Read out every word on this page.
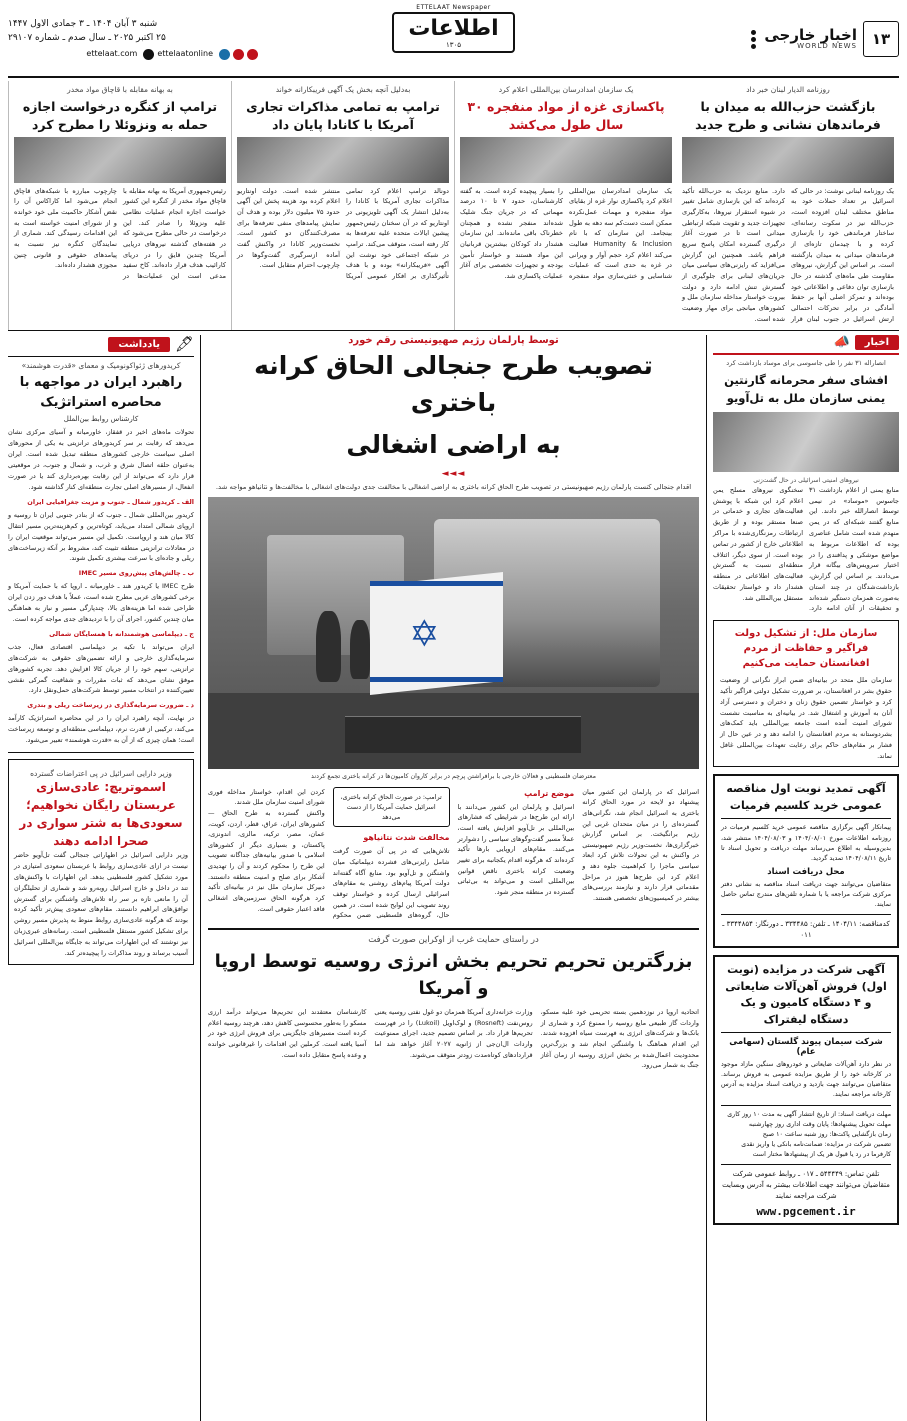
۱۳
اخبار خارجی
WORLD NEWS
ETTELAAT Newspaper
اطلاعات
۱۳۰۵
شنبه ۳ آبان ۱۴۰۴ ـ ۳ جمادی الاول ۱۴۴۷
۲۵ اکتبر ۲۰۲۵ ـ سال صدم ـ شماره ۲۹۱۰۷
ettelaatonline
ettelaat.com
روزنامه الدیار لبنان خبر داد
بازگشت حزب‌الله به میدان با فرماندهان نشانی و طرح جدید
یک روزنامه لبنانی نوشت: در حالی که اسرائیل بر تعداد حملات خود به مناطق مختلف لبنان افزوده است، حزب‌الله نیز در سکوت رسانه‌ای، ساختار فرماندهی خود را بازسازی کرده و با چیدمان تازه‌ای از فرماندهان میدانی به میدان بازگشته است. بر اساس این گزارش، نیروهای مقاومت طی ماه‌های گذشته در حال بازسازی توان دفاعی و اطلاعاتی خود بوده‌اند و تمرکز اصلی آنها بر حفظ آمادگی در برابر تحرکات احتمالی ارتش اسرائیل در جنوب لبنان قرار دارد. منابع نزدیک به حزب‌الله تأکید کرده‌اند که این بازسازی شامل تغییر در شیوه استقرار نیروها، به‌کارگیری تجهیزات جدید و تقویت شبکه ارتباطی میدانی است تا در صورت آغاز درگیری گسترده امکان پاسخ سریع فراهم باشد. همچنین این گزارش می‌افزاید که رایزنی‌های سیاسی میان جریان‌های لبنانی برای جلوگیری از گسترش تنش ادامه دارد و دولت بیروت خواستار مداخله سازمان ملل و کشورهای میانجی برای مهار وضعیت شده است.
یک سازمان امدادرسان بین‌المللی اعلام کرد
پاکسازی غزه از مواد منفجره ۳۰ سال طول می‌کشد
یک سازمان امدادرسان بین‌المللی اعلام کرد پاکسازی نوار غزه از بقایای مواد منفجره و مهمات عمل‌نکرده ممکن است دست‌کم سه دهه به طول بینجامد. این سازمان که با نام Humanity & Inclusion فعالیت می‌کند اعلام کرد حجم آوار و ویرانی در غزه به حدی است که عملیات شناسایی و خنثی‌سازی مواد منفجره را بسیار پیچیده کرده است. به گفته کارشناسان، حدود ۷ تا ۱۰ درصد مهماتی که در جریان جنگ شلیک شده‌اند منفجر نشده و همچنان خطرناک باقی مانده‌اند. این سازمان هشدار داد کودکان بیشترین قربانیان این مواد هستند و خواستار تأمین بودجه و تجهیزات تخصصی برای آغاز عملیات پاکسازی شد.
به‌دلیل آنچه بخش یک آگهی فریبکارانه خواند
ترامپ به تمامی مذاکرات تجاری آمریکا با کانادا پایان داد
دونالد ترامپ اعلام کرد تمامی مذاکرات تجاری آمریکا با کانادا را به‌دلیل انتشار یک آگهی تلویزیونی در اونتاریو که در آن سخنان رئیس‌جمهور پیشین ایالات متحده علیه تعرفه‌ها به کار رفته است، متوقف می‌کند. ترامپ در شبکه اجتماعی خود نوشت این آگهی «فریبکارانه» بوده و با هدف تأثیرگذاری بر افکار عمومی آمریکا منتشر شده است. دولت اونتاریو اعلام کرده بود هزینه پخش این آگهی حدود ۷۵ میلیون دلار بوده و هدف آن نمایش پیامدهای منفی تعرفه‌ها برای مصرف‌کنندگان دو کشور است. نخست‌وزیر کانادا در واکنش گفت آماده ازسرگیری گفت‌وگوها در چارچوب احترام متقابل است.
به بهانه مقابله با قاچاق مواد مخدر
ترامپ از کنگره درخواست اجازه حمله به ونزوئلا را مطرح کرد
رئیس‌جمهوری آمریکا به بهانه مقابله با قاچاق مواد مخدر از کنگره این کشور خواست اجازه انجام عملیات نظامی علیه ونزوئلا را صادر کند. این درخواست در حالی مطرح می‌شود که در هفته‌های گذشته نیروهای دریایی آمریکا چندین قایق را در دریای کارائیب هدف قرار داده‌اند. کاخ سفید مدعی است این عملیات‌ها در چارچوب مبارزه با شبکه‌های قاچاق انجام می‌شود اما کاراکاس آن را نقض آشکار حاکمیت ملی خود خوانده و از شورای امنیت خواسته است به این اقدامات رسیدگی کند. شماری از نمایندگان کنگره نیز نسبت به پیامدهای حقوقی و قانونی چنین مجوزی هشدار داده‌اند.
اخبار
📣
انصاراله ۳۱ نفر را طی جاسوسی برای موساد بازداشت کرد
افشای سفر محرمانه گارنتین یمنی سازمان ملل به تل‌آویو
نیروهای امنیتی اسرائیلی در حال گشت‌زنی
منابع یمنی از اعلام بازداشت ۳۱ جاسوس «موساد» در نیمی توسط انصارالله خبر دادند. این منابع گفتند شبکه‌ای که در یمن منهدم شده است شامل عناصری بوده که اطلاعات مربوط به مواضع موشکی و پدافندی را در اختیار سرویس‌های بیگانه قرار می‌دادند. بر اساس این گزارش، بازداشت‌شدگان در چند استان به‌صورت همزمان دستگیر شده‌اند و تحقیقات از آنان ادامه دارد. سخنگوی نیروهای مسلح یمن اعلام کرد این شبکه با پوشش فعالیت‌های تجاری و خدماتی در صنعا مستقر بوده و از طریق ارتباطات رمزنگاری‌شده با مراکز اطلاعاتی خارج از کشور در تماس بوده است. از سوی دیگر، ائتلاف منطقه‌ای نسبت به گسترش فعالیت‌های اطلاعاتی در منطقه هشدار داد و خواستار تحقیقات مستقل بین‌المللی شد.
سازمان ملل: از تشکیل دولت فراگیر و حفاظت از مردم افغانستان حمایت می‌کنیم
سازمان ملل متحد در بیانیه‌ای ضمن ابراز نگرانی از وضعیت حقوق بشر در افغانستان، بر ضرورت تشکیل دولتی فراگیر تأکید کرد و خواستار تضمین حقوق زنان و دختران و دسترسی آزاد آنان به آموزش و اشتغال شد. در بیانیه‌ای به مناسبت نشست شورای امنیت آمده است جامعه بین‌المللی باید کمک‌های بشردوستانه به مردم افغانستان را ادامه دهد و در عین حال از فشار بر مقام‌های حاکم برای رعایت تعهدات بین‌المللی غافل نماند.
آگهی تمدید نوبت اول مناقصه عمومی خرید کلسیم فرمیات
پیمانکار آگهی برگزاری مناقصه عمومی خرید کلسیم فرمیات در روزنامه اطلاعات مورخ ۱۴۰۴/۰۸/۰۱ و ۱۴۰۴/۰۸/۰۳ منتشر شد، بدین‌وسیله به اطلاع می‌رساند مهلت دریافت و تحویل اسناد تا تاریخ ۱۴۰۴/۰۸/۱۱ تمدید گردید.
محل دریافت اسناد
متقاضیان می‌توانند جهت دریافت اسناد مناقصه به نشانی دفتر مرکزی شرکت مراجعه یا با شماره تلفن‌های مندرج تماس حاصل نمایند.
کدمناقصه: ۱۴۰۴/۱۱ ـ تلفن: ۳۳۴۴۸۵ ـ دورنگار: ۳۳۴۴۸۵۴ ـ ۰۱۱
آگهی شرکت در مزایده (نوبت اول) فروش آهن‌آلات ضایعاتی و ۴ دستگاه کامیون و یک دستگاه لیفتراک
شرکت سیمان پیوند گلستان (سهامی عام)
در نظر دارد آهن‌آلات ضایعاتی و خودروهای سنگین مازاد موجود در کارخانه خود را از طریق مزایده عمومی به فروش برساند. متقاضیان می‌توانند جهت بازدید و دریافت اسناد مزایده به آدرس کارخانه مراجعه نمایند.
مهلت دریافت اسناد: از تاریخ انتشار آگهی به مدت ۱۰ روز کاری
مهلت تحویل پیشنهادها: پایان وقت اداری روز چهارشنبه
زمان بازگشایی پاکت‌ها: روز شنبه ساعت ۱۰ صبح
تضمین شرکت در مزایده: ضمانت‌نامه بانکی یا واریز نقدی
کارفرما در رد یا قبول هر یک از پیشنهادها مختار است
تلفن تماس: ۵۴۴۴۴۹ ـ ۰۱۷ ـ روابط عمومی شرکت
متقاضیان می‌توانند جهت اطلاعات بیشتر به آدرس وبسایت شرکت مراجعه نمایند
www.pgcement.ir
توسط پارلمان رژیم صهیونیستی رقم خورد
تصویب طرح جنجالی الحاق کرانه باختری
به اراضی اشغالی
◄◄◄
اقدام جنجالی کنست پارلمان رژیم صهیونیستی در تصویب طرح الحاق کرانه باختری به اراضی اشغالی با مخالفت جدی دولت‌های اشغالی با مخالفت‌ها و نتانیاهو مواجه شد.
✡
معترضان فلسطینی و فعالان خارجی با برافراشتن پرچم در برابر کاروان کامیون‌ها در کرانه باختری تجمع کردند
اسرائیل که در پارلمان این کشور میان پیشنهاد دو لایحه در مورد الحاق کرانه باختری به اسرائیل انجام شد، نگرانی‌های گسترده‌ای را در میان متحدان غربی این رژیم برانگیخت. بر اساس گزارش خبرگزاری‌ها، نخست‌وزیر رژیم صهیونیستی در واکنش به این تحولات تلاش کرد ابعاد سیاسی ماجرا را کم‌اهمیت جلوه دهد و اعلام کرد این طرح‌ها هنوز در مراحل مقدماتی قرار دارند و نیازمند بررسی‌های بیشتر در کمیسیون‌های تخصصی هستند.
موضع ترامپ
اسرائیل و پارلمان این کشور می‌دانند با ارائه این طرح‌ها در شرایطی که فشارهای بین‌المللی بر تل‌آویو افزایش یافته است، عملاً مسیر گفت‌وگوهای سیاسی را دشوارتر می‌کنند. مقام‌های اروپایی بارها تأکید کرده‌اند که هرگونه اقدام یکجانبه برای تغییر وضعیت کرانه باختری ناقض قوانین بین‌المللی است و می‌تواند به بی‌ثباتی گسترده در منطقه منجر شود.
ترامپ: در صورت الحاق کرانه باختری، اسرائیل حمایت آمریکا را از دست می‌دهد
مخالفت شدت نتانیاهو
تلاش‌هایی که در پی آن صورت گرفت شامل رایزنی‌های فشرده دیپلماتیک میان واشنگتن و تل‌آویو بود. منابع آگاه گفته‌اند دولت آمریکا پیام‌های روشنی به مقام‌های اسرائیلی ارسال کرده و خواستار توقف روند تصویب این لوایح شده است. در همین حال، گروه‌های فلسطینی ضمن محکوم کردن این اقدام، خواستار مداخله فوری شورای امنیت سازمان ملل شدند.
واکنش گسترده به طرح الحاق — کشورهای ایران، عراق، قطر، اردن، کویت، عمان، مصر، ترکیه، مالزی، اندونزی، پاکستان، و بسیاری دیگر از کشورهای اسلامی با صدور بیانیه‌های جداگانه تصویب این طرح را محکوم کردند و آن را تهدیدی آشکار برای صلح و امنیت منطقه دانستند. دبیرکل سازمان ملل نیز در بیانیه‌ای تأکید کرد هرگونه الحاق سرزمین‌های اشغالی فاقد اعتبار حقوقی است.
در راستای حمایت غرب از اوکراین صورت گرفت
بزرگترین تحریم تحریم بخش انرژی روسیه توسط اروپا و آمریکا
اتحادیه اروپا در نوزدهمین بسته تحریمی خود علیه مسکو، واردات گاز طبیعی مایع روسیه را ممنوع کرد و شماری از بانک‌ها و شرکت‌های انرژی به فهرست سیاه افزوده شدند. این اقدام هماهنگ با واشنگتن انجام شد و بزرگ‌ترین محدودیت اعمال‌شده بر بخش انرژی روسیه از زمان آغاز جنگ به شمار می‌رود.
وزارت خزانه‌داری آمریکا همزمان دو غول نفتی روسیه یعنی روس‌نفت (Rosneft) و لوک‌اویل (Lukoil) را در فهرست تحریم‌ها قرار داد. بر اساس تصمیم جدید، اجرای ممنوعیت واردات ال‌ان‌جی از ژانویه ۲۰۲۷ آغاز خواهد شد اما قراردادهای کوتاه‌مدت زودتر متوقف می‌شوند.
کارشناسان معتقدند این تحریم‌ها می‌تواند درآمد ارزی مسکو را به‌طور محسوسی کاهش دهد، هرچند روسیه اعلام کرده است مسیرهای جایگزینی برای فروش انرژی خود در آسیا یافته است. کرملین این اقدامات را غیرقانونی خوانده و وعده پاسخ متقابل داده است.
🖋
یادداشت
کریدورهای ژئواکونومیک و معمای «قدرت هوشمند»
راهبرد ایران در مواجهه با محاصره استراتژیک
کارشناس روابط بین‌الملل
تحولات ماه‌های اخیر در قفقاز، خاورمیانه و آسیای مرکزی نشان می‌دهد که رقابت بر سر کریدورهای ترانزیتی به یکی از محورهای اصلی سیاست خارجی کشورهای منطقه تبدیل شده است. ایران به‌عنوان حلقه اتصال شرق و غرب، و شمال و جنوب، در موقعیتی قرار دارد که می‌تواند از این رقابت بهره‌برداری کند یا در صورت انفعال، از مسیرهای اصلی تجارت منطقه‌ای کنار گذاشته شود.
الف ـ کریدور شمال ـ جنوب و مزیت جغرافیایی ایران
کریدور بین‌المللی شمال ـ جنوب که از بنادر جنوبی ایران تا روسیه و اروپای شمالی امتداد می‌یابد، کوتاه‌ترین و کم‌هزینه‌ترین مسیر انتقال کالا میان هند و اروپاست. تکمیل این مسیر می‌تواند موقعیت ایران را در معادلات ترانزیتی منطقه تثبیت کند، مشروط بر آنکه زیرساخت‌های ریلی و جاده‌ای با سرعت بیشتری تکمیل شوند.
ب ـ چالش‌های پیش‌روی مسیر IMEC
طرح IMEC یا کریدور هند ـ خاورمیانه ـ اروپا که با حمایت آمریکا و برخی کشورهای عربی مطرح شده است، عملاً با هدف دور زدن ایران طراحی شده اما هزینه‌های بالا، چندپارگی مسیر و نیاز به هماهنگی میان چندین کشور، اجرای آن را با تردیدهای جدی مواجه کرده است.
ج ـ دیپلماسی هوشمندانه با همسایگان شمالی
ایران می‌تواند با تکیه بر دیپلماسی اقتصادی فعال، جذب سرمایه‌گذاری خارجی و ارائه تضمین‌های حقوقی به شرکت‌های ترانزیتی، سهم خود را از جریان کالا افزایش دهد. تجربه کشورهای موفق نشان می‌دهد که ثبات مقررات و شفافیت گمرکی نقشی تعیین‌کننده در انتخاب مسیر توسط شرکت‌های حمل‌ونقل دارد.
د ـ ضرورت سرمایه‌گذاری در زیرساخت ریلی و بندری
در نهایت، آنچه راهبرد ایران را در این محاصره استراتژیک کارآمد می‌کند، ترکیبی از قدرت نرم، دیپلماسی منطقه‌ای و توسعه زیرساخت است؛ همان چیزی که از آن به «قدرت هوشمند» تعبیر می‌شود.
وزیر دارایی اسرائیل در پی اعتراضات گسترده
اسموتریچ: عادی‌سازی عربستان رایگان نخواهیم؛ سعودی‌ها به شتر سواری در صحرا ادامه دهند
وزیر دارایی اسرائیل در اظهاراتی جنجالی گفت تل‌آویو حاضر نیست در ازای عادی‌سازی روابط با عربستان سعودی امتیازی در مورد تشکیل کشور فلسطینی بدهد. این اظهارات با واکنش‌های تند در داخل و خارج اسرائیل روبه‌رو شد و شماری از تحلیلگران آن را مانعی تازه بر سر راه تلاش‌های واشنگتن برای گسترش توافق‌های ابراهیم دانستند. مقام‌های سعودی پیش‌تر تأکید کرده بودند که هرگونه عادی‌سازی روابط منوط به پذیرش مسیر روشن برای تشکیل کشور مستقل فلسطینی است. رسانه‌های عبری‌زبان نیز نوشتند که این اظهارات می‌تواند به جایگاه بین‌المللی اسرائیل آسیب برساند و روند مذاکرات را پیچیده‌تر کند.
